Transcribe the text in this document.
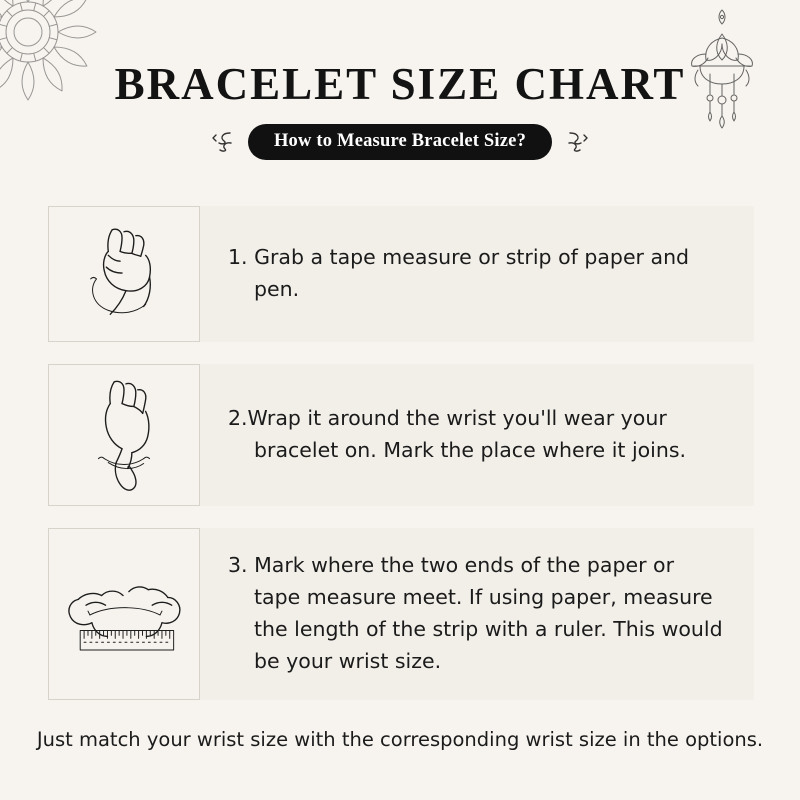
BRACELET SIZE CHART
How to Measure Bracelet Size?
1. Grab a tape measure or strip of paper and
pen.
2.Wrap it around the wrist you'll wear your
bracelet on. Mark the place where it joins.
3. Mark where the two ends of the paper or
tape measure meet. If using paper, measure
the length of the strip with a ruler. This would
be your wrist size.
Just match your wrist size with the corresponding wrist size in the options.
